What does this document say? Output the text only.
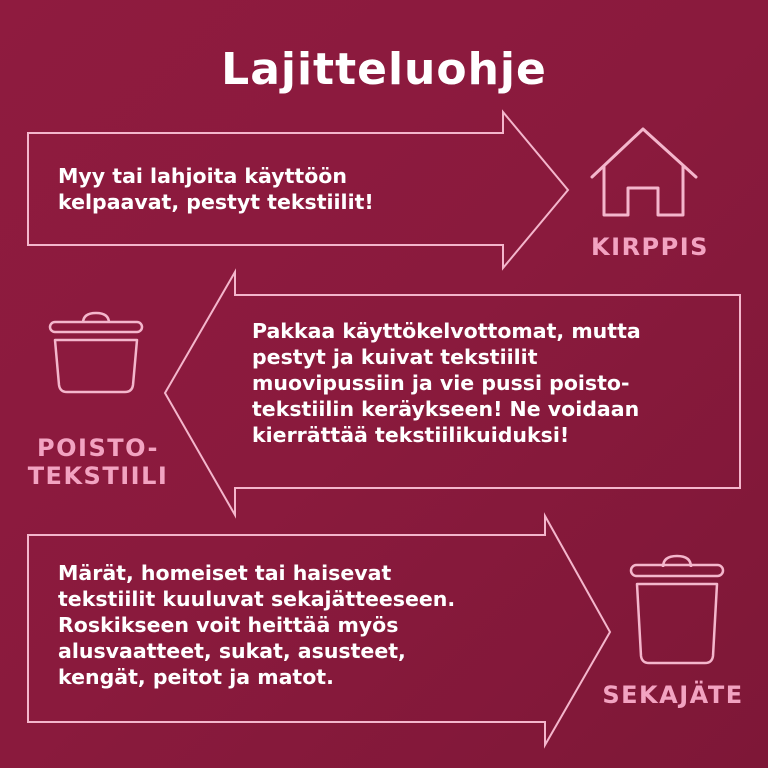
Lajitteluohje

Myy tai lahjoita käyttöön
kelpaavat, pestyt tekstiilit!

KIRPPIS

Pakkaa käyttökelvottomat, mutta
pestyt ja kuivat tekstiilit
muovipussiin ja vie pussi poisto-
tekstiilin keräykseen! Ne voidaan
kierrättää tekstiilikuiduksi!

POISTO-
TEKSTIILI

Märät, homeiset tai haisevat
tekstiilit kuuluvat sekajätteeseen.
Roskikseen voit heittää myös
alusvaatteet, sukat, asusteet,
kengät, peitot ja matot.

SEKAJÄTE
